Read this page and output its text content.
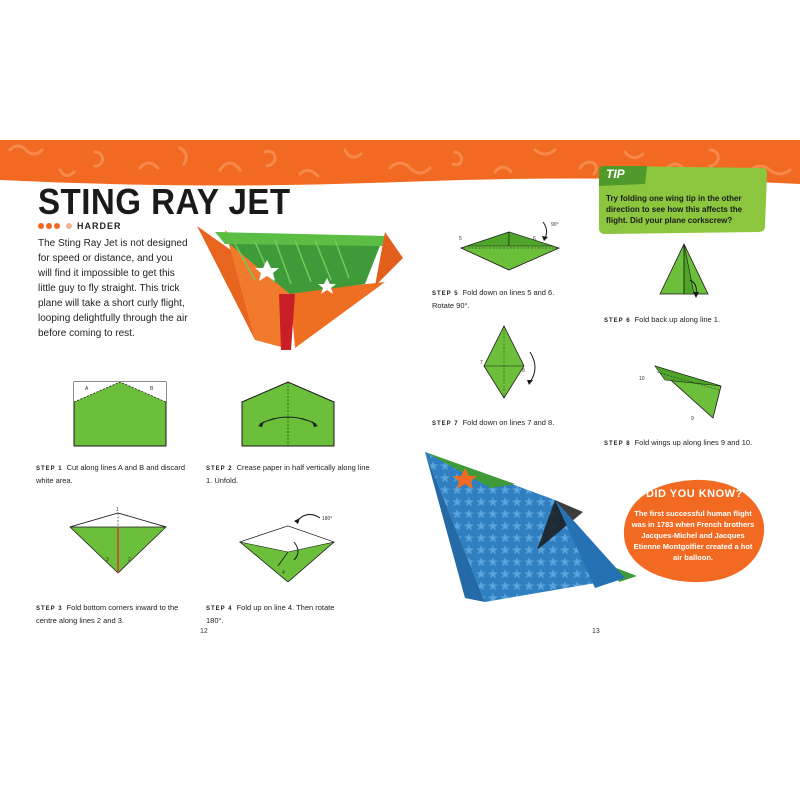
STING RAY JET
HARDER
The Sting Ray Jet is not designed for speed or distance, and you will find it impossible to get this little guy to fly straight. This trick plane will take a short curly flight, looping delightfully through the air before coming to rest.
A	B
1
3	2
180°
4
STEP 1 Cut along lines A and B and discard white area.
STEP 2 Crease paper in half vertically along line 1. Unfold.
STEP 3 Fold bottom corners inward to the centre along lines 2 and 3.
STEP 4 Fold up on line 4. Then rotate 180°.
5	6
90°
STEP 5 Fold down on lines 5 and 6. Rotate 90°.
STEP 6 Fold back up along line 1.
7
8
STEP 7 Fold down on lines 7 and 8.
10
9
STEP 8 Fold wings up along lines 9 and 10.
TIP
Try folding one wing tip in the other direction to see how this affects the flight. Did your plane corkscrew?
DID YOU KNOW?
The first successful human flight was in 1783 when French brothers Jacques-Michel and Jacques Etienne Montgolfier created a hot air balloon.
12	13
